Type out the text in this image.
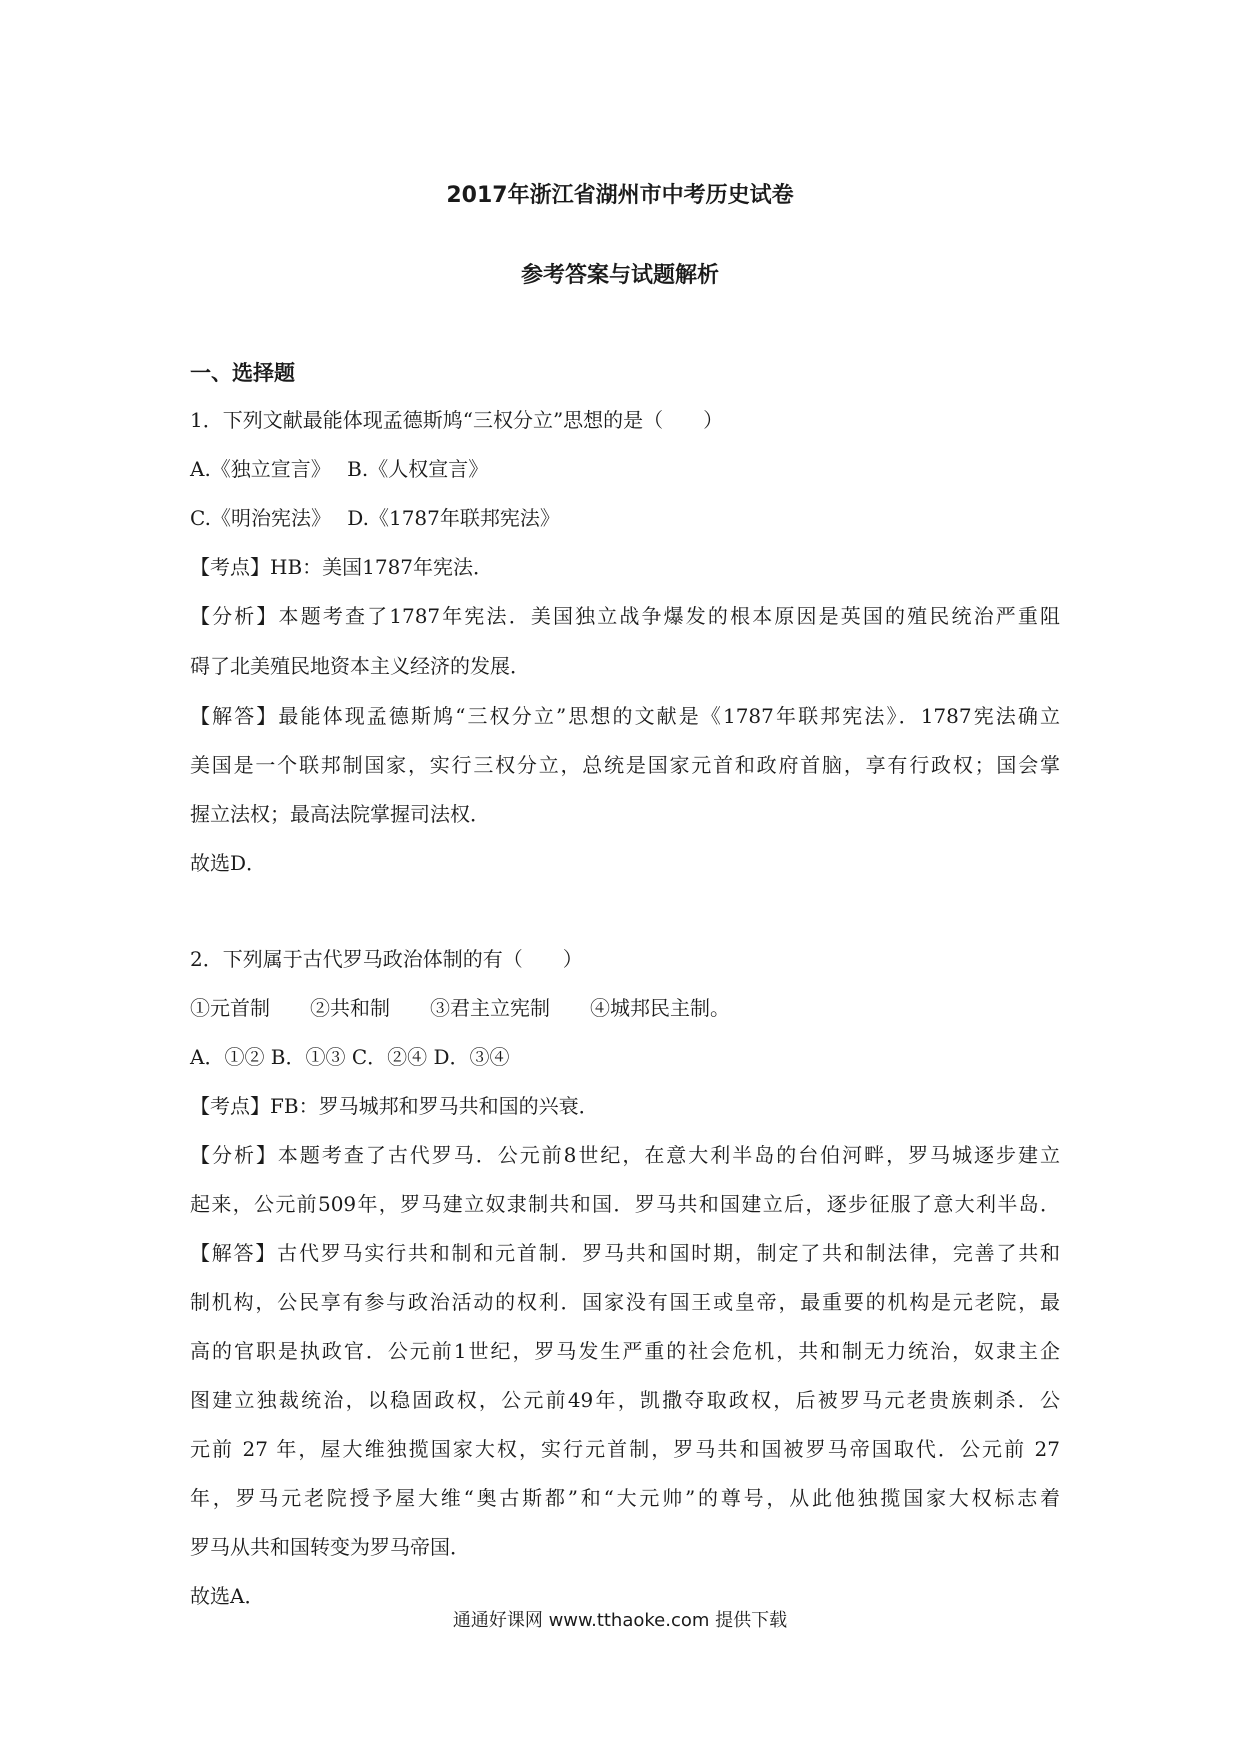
2017年浙江省湖州市中考历史试卷
参考答案与试题解析
一、选择题
1．下列文献最能体现孟德斯鸠“三权分立”思想的是（　　）
A.《独立宣言》　 B.《人权宣言》
C.《明治宪法》　 D.《1787年联邦宪法》
【考点】HB：美国1787年宪法．
【分析】本题考查了1787年宪法．美国独立战争爆发的根本原因是英国的殖民统治严重阻
碍了北美殖民地资本主义经济的发展．
【解答】最能体现孟德斯鸠“三权分立”思想的文献是《1787年联邦宪法》．1787宪法确立
美国是一个联邦制国家，实行三权分立，总统是国家元首和政府首脑，享有行政权；国会掌
握立法权；最高法院掌握司法权．
故选D．
2．下列属于古代罗马政治体制的有（　　）
①元首制　　②共和制　　③君主立宪制　　④城邦民主制。
A．①② B．①③ C．②④ D．③④
【考点】FB：罗马城邦和罗马共和国的兴衰．
【分析】本题考查了古代罗马．公元前8世纪，在意大利半岛的台伯河畔，罗马城逐步建立
起来，公元前509年，罗马建立奴隶制共和国．罗马共和国建立后，逐步征服了意大利半岛．
【解答】古代罗马实行共和制和元首制．罗马共和国时期，制定了共和制法律，完善了共和
制机构，公民享有参与政治活动的权利．国家没有国王或皇帝，最重要的机构是元老院，最
高的官职是执政官．公元前1世纪，罗马发生严重的社会危机，共和制无力统治，奴隶主企
图建立独裁统治，以稳固政权，公元前49年，凯撒夺取政权，后被罗马元老贵族刺杀．公
元前 27 年，屋大维独揽国家大权，实行元首制，罗马共和国被罗马帝国取代．公元前 27
年，罗马元老院授予屋大维“奥古斯都”和“大元帅”的尊号，从此他独揽国家大权标志着
罗马从共和国转变为罗马帝国．
故选A．
通通好课网 www.tthaoke.com 提供下载
